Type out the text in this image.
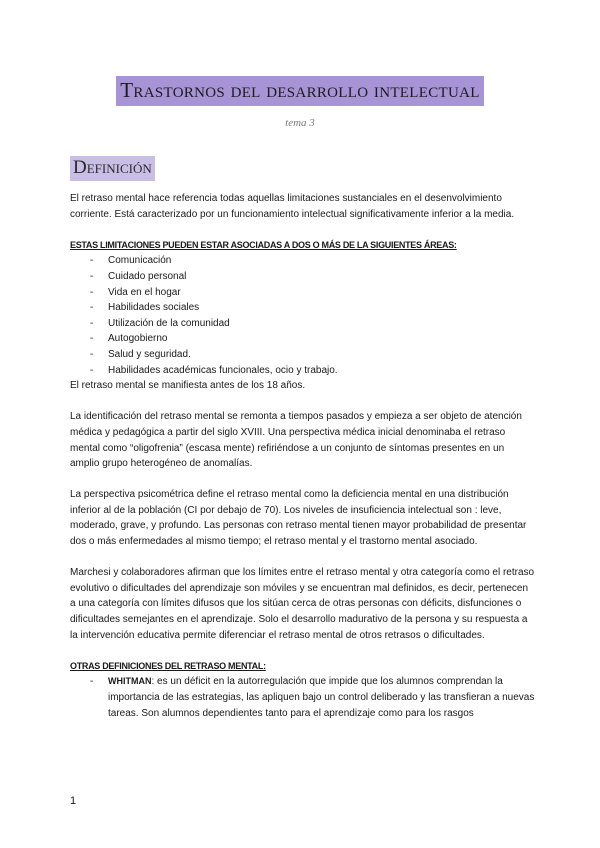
Trastornos del desarrollo intelectual
tema 3
Definición

El retraso mental hace referencia todas aquellas limitaciones sustanciales en el desenvolvimiento corriente. Está caracterizado por un funcionamiento intelectual significativamente inferior a la media.

ESTAS LIMITACIONES PUEDEN ESTAR ASOCIADAS A DOS O MÁS DE LA SIGUIENTES ÁREAS:

- Comunicación
- Cuidado personal
- Vida en el hogar
- Habilidades sociales
- Utilización de la comunidad
- Autogobierno
- Salud y seguridad.
- Habilidades académicas funcionales, ocio y trabajo.

El retraso mental se manifiesta antes de los 18 años.

La identificación del retraso mental se remonta a tiempos pasados y empieza a ser objeto de atención médica y pedagógica a partir del siglo XVIII. Una perspectiva médica inicial denominaba el retraso mental como “oligofrenia” (escasa mente) refiriéndose a un conjunto de síntomas presentes en un amplio grupo heterogéneo de anomalías.

La perspectiva psicométrica define el retraso mental como la deficiencia mental en una distribución inferior al de la población (CI por debajo de 70). Los niveles de insuficiencia intelectual son : leve, moderado, grave, y profundo. Las personas con retraso mental tienen mayor probabilidad de presentar dos o más enfermedades al mismo tiempo; el retraso mental y el trastorno mental asociado.

Marchesi y colaboradores afirman que los límites entre el retraso mental y otra categoría como el retraso evolutivo o dificultades del aprendizaje son móviles y se encuentran mal definidos, es decir, pertenecen a una categoría con límites difusos que los sitúan cerca de otras personas con déficits, disfunciones o dificultades semejantes en el aprendizaje. Solo el desarrollo madurativo de la persona y su respuesta a la intervención educativa permite diferenciar el retraso mental de otros retrasos o dificultades.

OTRAS DEFINICIONES DEL RETRASO MENTAL:

- WHITMAN: es un déficit en la autorregulación que impide que los alumnos comprendan la importancia de las estrategias, las apliquen bajo un control deliberado y las transfieran a nuevas tareas. Son alumnos dependientes tanto para el aprendizaje como para los rasgos
1
